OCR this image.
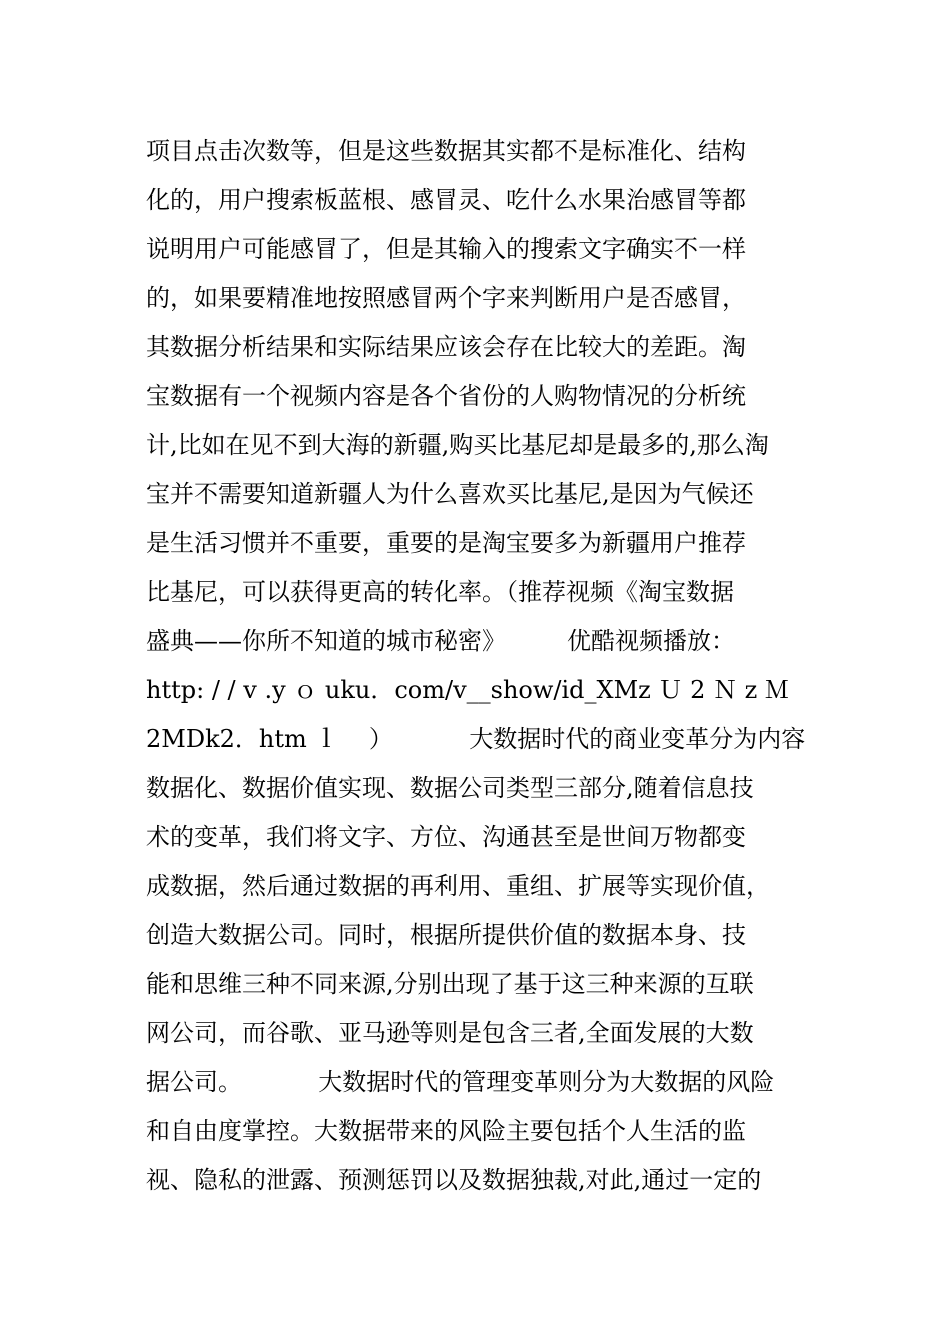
项目点击次数等，但是这些数据其实都不是标准化、结构
化的，用户搜索板蓝根、感冒灵、吃什么水果治感冒等都
说明用户可能感冒了，但是其输入的搜索文字确实不一样
的，如果要精准地按照感冒两个字来判断用户是否感冒，
其数据分析结果和实际结果应该会存在比较大的差距。淘
宝数据有一个视频内容是各个省份的人购物情况的分析统
计,比如在见不到大海的新疆,购买比基尼却是最多的,那么淘
宝并不需要知道新疆人为什么喜欢买比基尼,是因为气候还
是生活习惯并不重要，重要的是淘宝要多为新疆用户推荐
比基尼，可以获得更高的转化率。（推荐视频《淘宝数据
盛典——你所不知道的城市秘密》        优酷视频播放：
http: / / v .y ｏ uku．com/v__show/id_XMz Ｕ 2 Ｎ z Ｍ
2MDk2．htm ｌ    ）          大数据时代的商业变革分为内容
数据化、数据价值实现、数据公司类型三部分,随着信息技
术的变革，我们将文字、方位、沟通甚至是世间万物都变
成数据，然后通过数据的再利用、重组、扩展等实现价值，
创造大数据公司。同时，根据所提供价值的数据本身、技
能和思维三种不同来源,分别出现了基于这三种来源的互联
网公司，而谷歌、亚马逊等则是包含三者,全面发展的大数
据公司。          大数据时代的管理变革则分为大数据的风险
和自由度掌控。大数据带来的风险主要包括个人生活的监
视、隐私的泄露、预测惩罚以及数据独裁,对此,通过一定的
